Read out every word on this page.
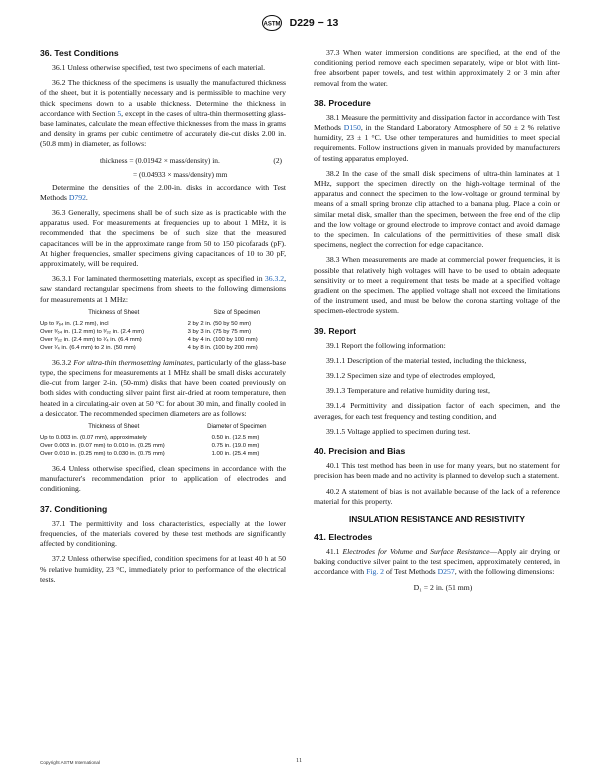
ASTM D229 − 13
36. Test Conditions

36.1 Unless otherwise specified, test two specimens of each material.

36.2 The thickness of the specimens is usually the manufactured thickness of the sheet, but it is potentially necessary and is permissible to machine very thick specimens down to a usable thickness. Determine the thickness in accordance with Section 5, except in the cases of ultra-thin thermosetting glass-base laminates, calculate the mean effective thicknesses from the mass in grams and density in grams per cubic centimetre of accurately die-cut disks 2.00 in. (50.8 mm) in diameter, as follows:

thickness = (0.01942 × mass/density) in.	(2)
= (0.04933 × mass/density) mm

Determine the densities of the 2.00-in. disks in accordance with Test Methods D792.

36.3 Generally, specimens shall be of such size as is practicable with the apparatus used. For measurements at frequencies up to about 1 MHz, it is recommended that the specimens be of such size that the measured capacitances will be in the approximate range from 50 to 150 picofarads (pF). At higher frequencies, smaller specimens giving capacitances of 10 to 30 pF, approximately, will be required.

36.3.1 For laminated thermosetting materials, except as specified in 36.3.2, saw standard rectangular specimens from sheets to the following dimensions for measurements at 1 MHz:

Thickness of Sheet	Size of Specimen
Up to ³⁄₆₄ in. (1.2 mm), incl	2 by 2 in. (50 by 50 mm)
Over ³⁄₆₄ in. (1.2 mm) to ³⁄₃₂ in. (2.4 mm)	3 by 3 in. (75 by 75 mm)
Over ³⁄₃₂ in. (2.4 mm) to ¹⁄₄ in. (6.4 mm)	4 by 4 in. (100 by 100 mm)
Over ¹⁄₄ in. (6.4 mm) to 2 in. (50 mm)	4 by 8 in. (100 by 200 mm)

36.3.2 For ultra-thin thermosetting laminates, particularly of the glass-base type, the specimens for measurements at 1 MHz shall be small disks accurately die-cut from larger 2-in. (50-mm) disks that have been coated previously on both sides with conducting silver paint first air-dried at room temperature, then heated in a circulating-air oven at 50 °C for about 30 min, and finally cooled in a desiccator. The recommended specimen diameters are as follows:

Thickness of Sheet	Diameter of Specimen
Up to 0.003 in. (0.07 mm), approximately	0.50 in. (12.5 mm)
Over 0.003 in. (0.07 mm) to 0.010 in. (0.25 mm)	0.75 in. (19.0 mm)
Over 0.010 in. (0.25 mm) to 0.030 in. (0.75 mm)	1.00 in. (25.4 mm)

36.4 Unless otherwise specified, clean specimens in accordance with the manufacturer's recommendation prior to application of electrodes and conditioning.

37. Conditioning

37.1 The permittivity and loss characteristics, especially at the lower frequencies, of the materials covered by these test methods are significantly affected by conditioning.

37.2 Unless otherwise specified, condition specimens for at least 40 h at 50 % relative humidity, 23 °C, immediately prior to performance of the electrical tests.

37.3 When water immersion conditions are specified, at the end of the conditioning period remove each specimen separately, wipe or blot with lint-free absorbent paper towels, and test within approximately 2 or 3 min after removal from the water.

38. Procedure

38.1 Measure the permittivity and dissipation factor in accordance with Test Methods D150, in the Standard Laboratory Atmosphere of 50 ± 2 % relative humidity, 23 ± 1 °C. Use other temperatures and humidities to meet special requirements. Follow instructions given in manuals provided by manufacturers of testing apparatus employed.

38.2 In the case of the small disk specimens of ultra-thin laminates at 1 MHz, support the specimen directly on the high-voltage terminal of the apparatus and connect the specimen to the low-voltage or ground terminal by means of a small spring bronze clip attached to a banana plug. Place a coin or similar metal disk, smaller than the specimen, between the free end of the clip and the low voltage or ground electrode to improve contact and avoid damage to the specimen. In calculations of the permittivities of these small disk specimens, neglect the correction for edge capacitance.

38.3 When measurements are made at commercial power frequencies, it is possible that relatively high voltages will have to be used to obtain adequate sensitivity or to meet a requirement that tests be made at a specified voltage gradient on the specimen. The applied voltage shall not exceed the limitations of the instrument used, and must be below the corona starting voltage of the specimen-electrode system.

39. Report

39.1 Report the following information:

39.1.1 Description of the material tested, including the thickness,

39.1.2 Specimen size and type of electrodes employed,

39.1.3 Temperature and relative humidity during test,

39.1.4 Permittivity and dissipation factor of each specimen, and the averages, for each test frequency and testing condition, and

39.1.5 Voltage applied to specimen during test.

40. Precision and Bias

40.1 This test method has been in use for many years, but no statement for precision has been made and no activity is planned to develop such a statement.

40.2 A statement of bias is not available because of the lack of a reference material for this property.

INSULATION RESISTANCE AND RESISTIVITY
41. Electrodes

41.1 Electrodes for Volume and Surface Resistance—Apply air drying or baking conductive silver paint to the test specimen, approximately centered, in accordance with Fig. 2 of Test Methods D257, with the following dimensions:

D₁ = 2 in. (51 mm)

Copyright ASTM International	11
